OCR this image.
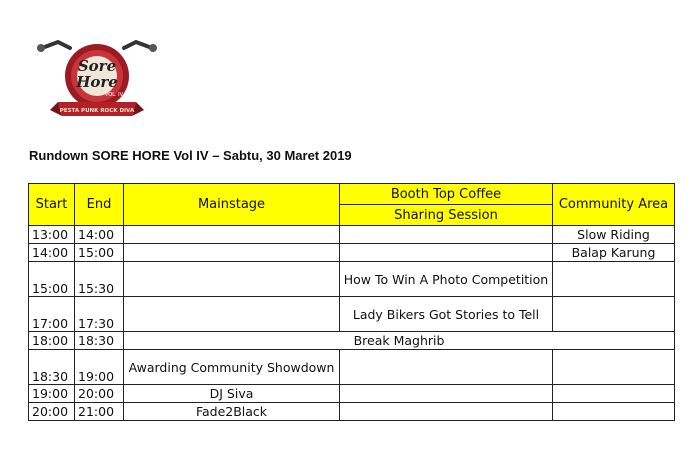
Sore
Hore
VOL. IV
PESTA PUNK ROCK DIVA
Rundown SORE HORE Vol IV – Sabtu, 30 Maret 2019
Start	End	Mainstage	Booth Top Coffee	Community Area
			Sharing Session	
13:00	14:00			Slow Riding
14:00	15:00			Balap Karung
15:00	15:30		How To Win A Photo Competition	
17:00	17:30		Lady Bikers Got Stories to Tell	
18:00	18:30	Break Maghrib		
18:30	19:00	Awarding Community Showdown		
19:00	20:00	DJ Siva		
20:00	21:00	Fade2Black		
